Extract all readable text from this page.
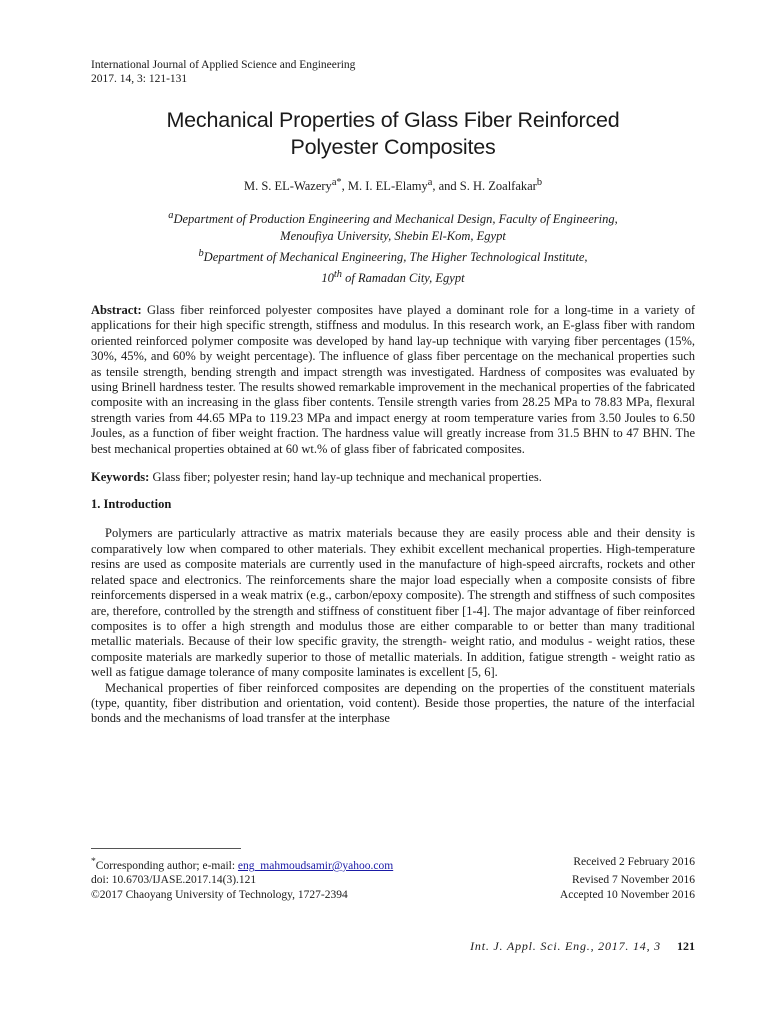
International Journal of Applied Science and Engineering
2017. 14, 3: 121-131
Mechanical Properties of Glass Fiber Reinforced
Polyester Composites
M. S. EL-Wazery$^{a*}$, M. I. EL-Elamy$^a$, and S. H. Zoalfakar$^b$
$^a$Department of Production Engineering and Mechanical Design, Faculty of Engineering,
Menoufiya University, Shebin El-Kom, Egypt
$^b$Department of Mechanical Engineering, The Higher Technological Institute,
10th of Ramadan City, Egypt

Abstract: Glass fiber reinforced polyester composites have played a dominant role for a long-time in a variety of applications for their high specific strength, stiffness and modulus. In this research work, an E-glass fiber with random oriented reinforced polymer composite was developed by hand lay-up technique with varying fiber percentages (15%, 30%, 45%, and 60% by weight percentage). The influence of glass fiber percentage on the mechanical properties such as tensile strength, bending strength and impact strength was investigated. Hardness of composites was evaluated by using Brinell hardness tester. The results showed remarkable improvement in the mechanical properties of the fabricated composite with an increasing in the glass fiber contents. Tensile strength varies from 28.25 MPa to 78.83 MPa, flexural strength varies from 44.65 MPa to 119.23 MPa and impact energy at room temperature varies from 3.50 Joules to 6.50 Joules, as a function of fiber weight fraction. The hardness value will greatly increase from 31.5 BHN to 47 BHN. The best mechanical properties obtained at 60 wt.% of glass fiber of fabricated composites.

Keywords: Glass fiber; polyester resin; hand lay-up technique and mechanical properties.

1. Introduction

Polymers are particularly attractive as matrix materials because they are easily process able and their density is comparatively low when compared to other materials. They exhibit excellent mechanical properties. High-temperature resins are used as composite materials are currently used in the manufacture of high-speed aircrafts, rockets and other related space and electronics. The reinforcements share the major load especially when a composite consists of fibre reinforcements dispersed in a weak matrix (e.g., carbon/epoxy composite). The strength and stiffness of such composites are, therefore, controlled by the strength and stiffness of constituent fiber [1-4]. The major advantage of fiber reinforced composites is to offer a high strength and modulus those are either comparable to or better than many traditional metallic materials. Because of their low specific gravity, the strength- weight ratio, and modulus - weight ratios, these composite materials are markedly superior to those of metallic materials. In addition, fatigue strength - weight ratio as well as fatigue damage tolerance of many composite laminates is excellent [5, 6].

Mechanical properties of fiber reinforced composites are depending on the properties of the constituent materials (type, quantity, fiber distribution and orientation, void content). Beside those properties, the nature of the interfacial bonds and the mechanisms of load transfer at the interphase

*Corresponding author; e-mail: eng_mahmoudsamir@yahoo.com	Received 2 February 2016
doi: 10.6703/IJASE.2017.14(3).121	Revised 7 November 2016
©2017 Chaoyang University of Technology, 1727-2394	Accepted 10 November 2016
Int. J. Appl. Sci. Eng., 2017. 14, 3 121
